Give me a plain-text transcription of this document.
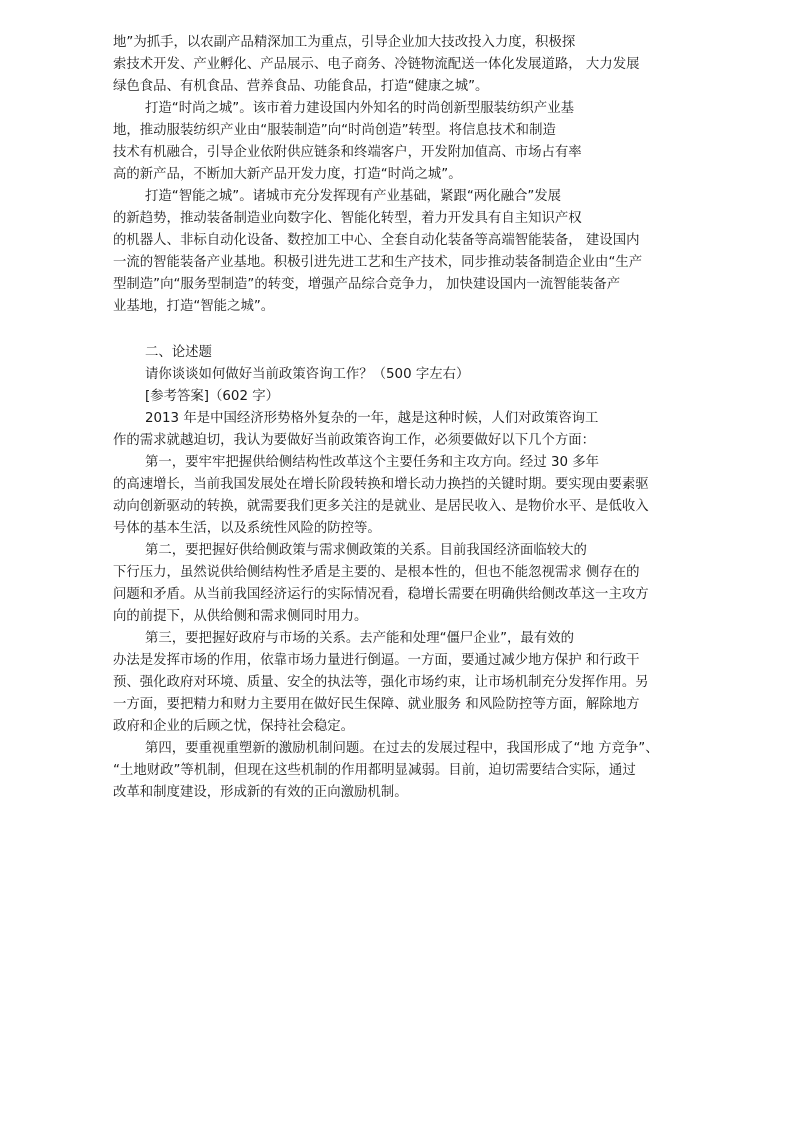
地”为抓手，以农副产品精深加工为重点，引导企业加大技改投入力度，积极探
索技术开发、产业孵化、产品展示、电子商务、冷链物流配送一体化发展道路， 大力发展
绿色食品、有机食品、营养食品、功能食品，打造“健康之城”。
打造“时尚之城”。该市着力建设国内外知名的时尚创新型服装纺织产业基
地，推动服装纺织产业由“服装制造”向“时尚创造”转型。将信息技术和制造
技术有机融合，引导企业依附供应链条和终端客户，开发附加值高、市场占有率
高的新产品，不断加大新产品开发力度，打造“时尚之城”。
打造“智能之城”。诸城市充分发挥现有产业基础，紧跟“两化融合”发展
的新趋势，推动装备制造业向数字化、智能化转型，着力开发具有自主知识产权
的机器人、非标自动化设备、数控加工中心、全套自动化装备等高端智能装备， 建设国内
一流的智能装备产业基地。积极引进先进工艺和生产技术，同步推动装备制造企业由“生产
型制造”向“服务型制造”的转变，增强产品综合竞争力， 加快建设国内一流智能装备产
业基地，打造“智能之城”。
二、论述题
请你谈谈如何做好当前政策咨询工作？（500 字左右）
[参考答案]（602 字）
2013 年是中国经济形势格外复杂的一年，越是这种时候，人们对政策咨询工
作的需求就越迫切，我认为要做好当前政策咨询工作，必须要做好以下几个方面：
第一，要牢牢把握供给侧结构性改革这个主要任务和主攻方向。经过 30 多年
的高速增长，当前我国发展处在增长阶段转换和增长动力换挡的关键时期。要实现由要素驱
动向创新驱动的转换，就需要我们更多关注的是就业、是居民收入、是物价水平、是低收入
号体的基本生活，以及系统性风险的防控等。
第二，要把握好供给侧政策与需求侧政策的关系。目前我国经济面临较大的
下行压力，虽然说供给侧结构性矛盾是主要的、是根本性的，但也不能忽视需求 侧存在的
问题和矛盾。从当前我国经济运行的实际情况看，稳增长需要在明确供给侧改革这一主攻方
向的前提下，从供给侧和需求侧同时用力。
第三，要把握好政府与市场的关系。去产能和处理“僵尸企业”，最有效的
办法是发挥市场的作用，依靠市场力量进行倒逼。一方面，要通过减少地方保护 和行政干
预、强化政府对环境、质量、安全的执法等，强化市场约束，让市场机制充分发挥作用。另
一方面，要把精力和财力主要用在做好民生保障、就业服务 和风险防控等方面，解除地方
政府和企业的后顾之忧，保持社会稳定。
第四，要重视重塑新的激励机制问题。在过去的发展过程中，我国形成了“地 方竞争”、
“土地财政”等机制，但现在这些机制的作用都明显减弱。目前，迫切需要结合实际，通过
改革和制度建设，形成新的有效的正向激励机制。
